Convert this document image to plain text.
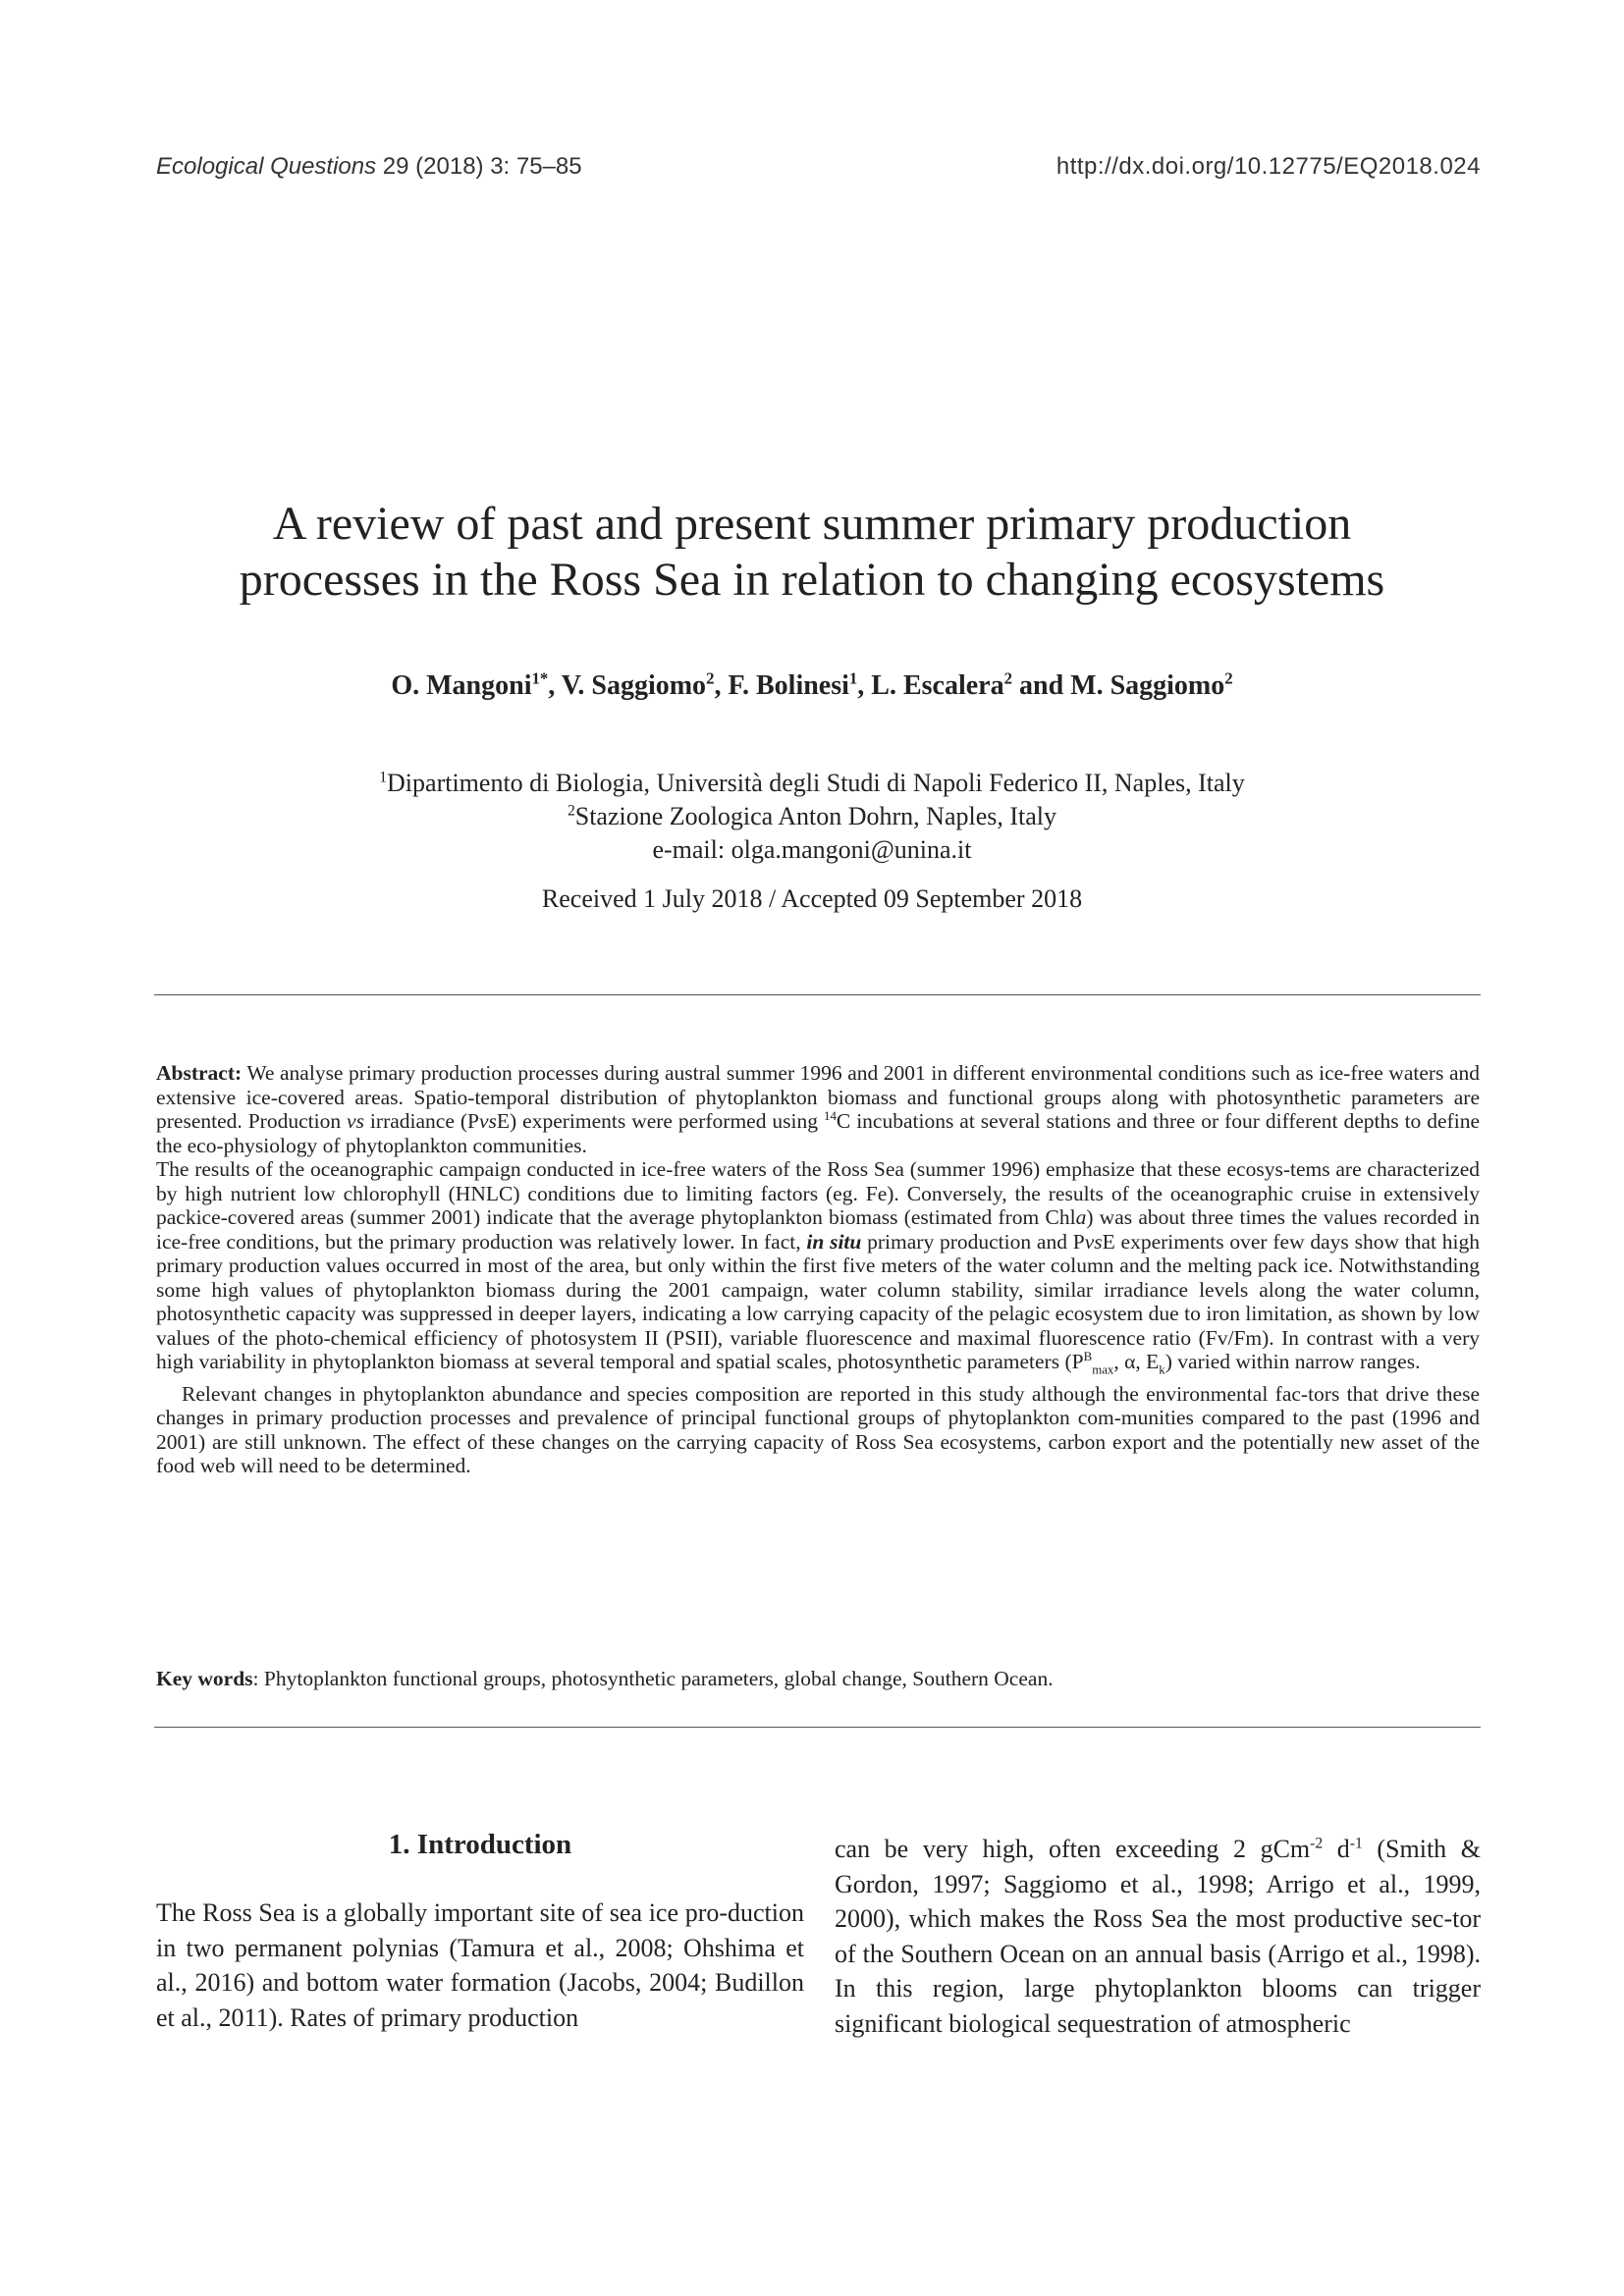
Ecological Questions 29 (2018) 3: 75–85	http://dx.doi.org/10.12775/EQ2018.024
A review of past and present summer primary production
processes in the Ross Sea in relation to changing ecosystems
O. Mangoni$^{1*}$, V. Saggiomo$^2$, F. Bolinesi$^1$, L. Escalera$^2$ and M. Saggiomo$^2$
$^1$Dipartimento di Biologia, Università degli Studi di Napoli Federico II, Naples, Italy
$^2$Stazione Zoologica Anton Dohrn, Naples, Italy
e-mail: olga.mangoni@unina.it
Received 1 July 2018 / Accepted 09 September 2018

Abstract: We analyse primary production processes during austral summer 1996 and 2001 in different environmental conditions such as ice-free waters and extensive ice-covered areas. Spatio-temporal distribution of phytoplankton biomass and functional groups along with photosynthetic parameters are presented. Production vs irradiance (PvsE) experiments were performed using $^{14}$C incubations at several stations and three or four different depths to define the eco-physiology of phytoplankton communities.

The results of the oceanographic campaign conducted in ice-free waters of the Ross Sea (summer 1996) emphasize that these ecosys-tems are characterized by high nutrient low chlorophyll (HNLC) conditions due to limiting factors (eg. Fe). Conversely, the results of the oceanographic cruise in extensively packice-covered areas (summer 2001) indicate that the average phytoplankton biomass (estimated from Chla) was about three times the values recorded in ice-free conditions, but the primary production was relatively lower. In fact, in situ primary production and PvsE experiments over few days show that high primary production values occurred in most of the area, but only within the first five meters of the water column and the melting pack ice. Notwithstanding some high values of phytoplankton biomass during the 2001 campaign, water column stability, similar irradiance levels along the water column, photosynthetic capacity was suppressed in deeper layers, indicating a low carrying capacity of the pelagic ecosystem due to iron limitation, as shown by low values of the photo-chemical efficiency of photosystem II (PSII), variable fluorescence and maximal fluorescence ratio (Fv/Fm). In contrast with a very high variability in phytoplankton biomass at several temporal and spatial scales, photosynthetic parameters ($P^B_{max}$, α, $E_k$) varied within narrow ranges.

Relevant changes in phytoplankton abundance and species composition are reported in this study although the environmental fac-tors that drive these changes in primary production processes and prevalence of principal functional groups of phytoplankton com-munities compared to the past (1996 and 2001) are still unknown. The effect of these changes on the carrying capacity of Ross Sea ecosystems, carbon export and the potentially new asset of the food web will need to be determined.

Key words: Phytoplankton functional groups, photosynthetic parameters, global change, Southern Ocean.
1. Introduction
The Ross Sea is a globally important site of sea ice pro-duction in two permanent polynias (Tamura et al., 2008; Ohshima et al., 2016) and bottom water formation (Jacobs, 2004; Budillon et al., 2011). Rates of primary production
can be very high, often exceeding 2 gCm$^{-2}$ $d^{-1}$ (Smith & Gordon, 1997; Saggiomo et al., 1998; Arrigo et al., 1999, 2000), which makes the Ross Sea the most productive sec-tor of the Southern Ocean on an annual basis (Arrigo et al., 1998). In this region, large phytoplankton blooms can trigger significant biological sequestration of atmospheric
